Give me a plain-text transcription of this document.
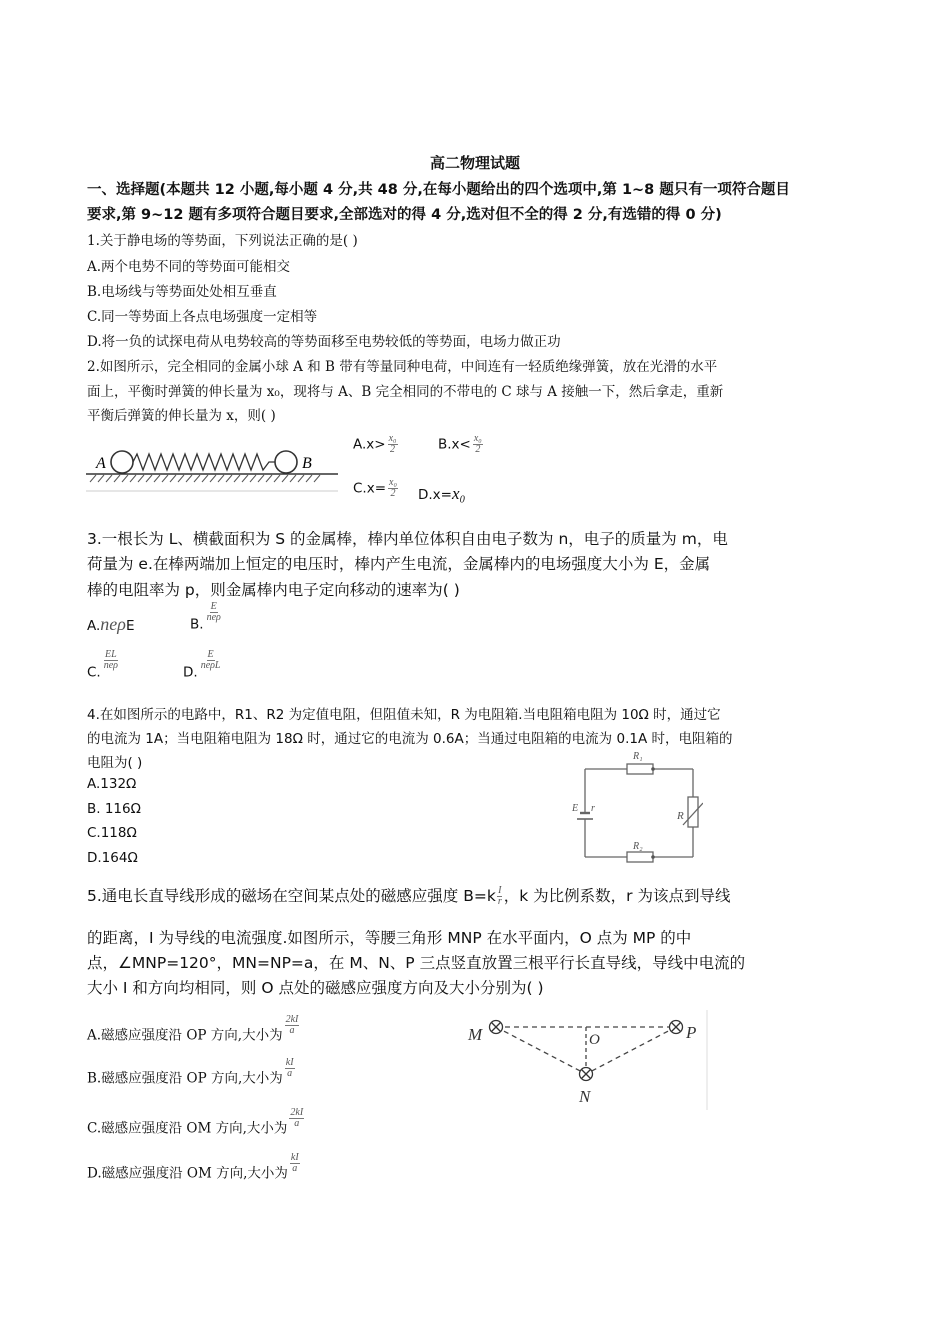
高二物理试题
一、选择题(本题共 12 小题,每小题 4 分,共 48 分,在每小题给出的四个选项中,第 1~8 题只有一项符合题目
要求,第 9~12 题有多项符合题目要求,全部选对的得 4 分,选对但不全的得 2 分,有选错的得 0 分)
1.关于静电场的等势面，下列说法正确的是( )
A.两个电势不同的等势面可能相交
B.电场线与等势面处处相互垂直
C.同一等势面上各点电场强度一定相等
D.将一负的试探电荷从电势较高的等势面移至电势较低的等势面，电场力做正功
2.如图所示，完全相同的金属小球 A 和 B 带有等量同种电荷，中间连有一轻质绝缘弹簧，放在光滑的水平
面上，平衡时弹簧的伸长量为 x₀，现将与 A、B 完全相同的不带电的 C 球与 A 接触一下，然后拿走，重新
平衡后弹簧的伸长量为 x，则( )
A	B
$A.x> \frac{\text{x₀}}{2}$	$B.x< \frac{\text{x₀}}{2}$
$C.x= \frac{\text{x₀}}{2} D.x=x_0$
3.一根长为 L、横截面积为 S 的金属棒，棒内单位体积自由电子数为 n，电子的质量为 m，电
荷量为 e.在棒两端加上恒定的电压时，棒内产生电流，金属棒内的电场强度大小为 E，金属
棒的电阻率为 p，则金属棒内电子定向移动的速率为( )
A.neρE	B.
$\frac{E}{\text{neρ}}$
C.
$\frac{EL}{\text{neρ}}$
D.
$\frac{E}{\text{neρL}}$
4.在如图所示的电路中，R1、R2 为定值电阻，但阻值未知，R 为电阻箱.当电阻箱电阻为 10Ω 时，通过它
的电流为 1A；当电阻箱电阻为 18Ω 时，通过它的电流为 0.6A；当通过电阻箱的电流为 0.1A 时，电阻箱的
电阻为( )
A.132Ω
B. 116Ω
C.118Ω
D.164Ω
R₁
R₂
R
E r
5.通电长直导线形成的磁场在空间某点处的磁感应强度 $B=k \frac{I}{r}$ ，k 为比例系数，r 为该点到导线
的距离，I 为导线的电流强度.如图所示，等腰三角形 MNP 在水平面内，O 点为 MP 的中
点，∠MNP=120°，MN=NP=a，在 M、N、P 三点竖直放置三根平行长直导线，导线中电流的
大小 I 和方向均相同，则 O 点处的磁感应强度方向及大小分别为( )
A.磁感应强度沿 OP 方向,大小为 $\frac{2kI}{a}$
B.磁感应强度沿 OP 方向,大小为 $\frac{kI}{a}$
C.磁感应强度沿 OM 方向,大小为 $\frac{2kI}{a}$
D.磁感应强度沿 OM 方向,大小为 $\frac{kI}{a}$
M	O	P
N
